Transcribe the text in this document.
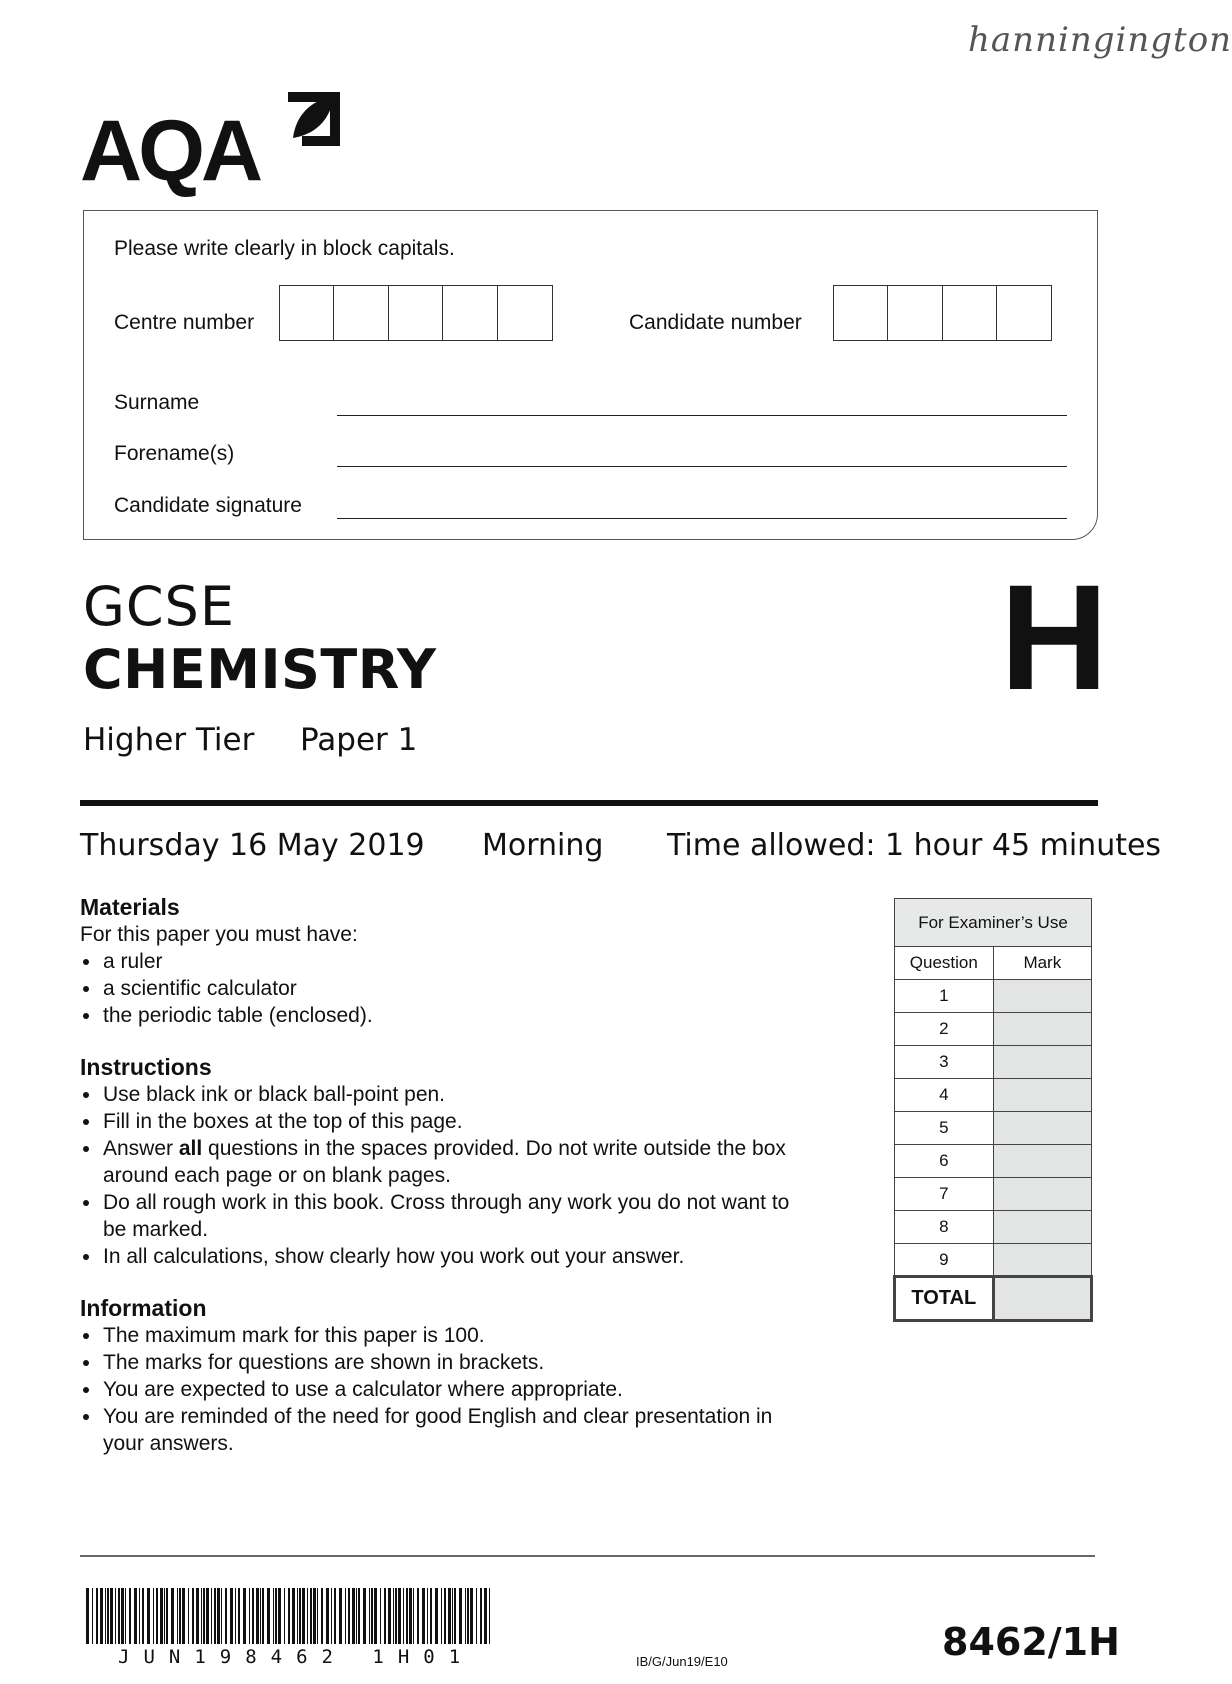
hanningington
AQA
Please write clearly in block capitals.
Centre number	Candidate number
Surname
Forename(s)
Candidate signature
GCSE
CHEMISTRY
Higher Tier Paper 1
H
Thursday 16 May 2019 Morning Time allowed: 1 hour 45 minutes
Materials
For this paper you must have:
a ruler
a scientific calculator
the periodic table (enclosed).
Instructions
Use black ink or black ball-point pen.
Fill in the boxes at the top of this page.
Answer all questions in the spaces provided. Do not write outside the box around each page or on blank pages.
Do all rough work in this book. Cross through any work you do not want to be marked.
In all calculations, show clearly how you work out your answer.
Information
The maximum mark for this paper is 100.
The marks for questions are shown in brackets.
You are expected to use a calculator where appropriate.
You are reminded of the need for good English and clear presentation in your answers.
For Examiner’s Use	
Question	Mark
1	
2	
3	
4	
5	
6	
7	
8	
9	
TOTAL	
JUN198462 1H01	IB/G/Jun19/E10	8462/1H
